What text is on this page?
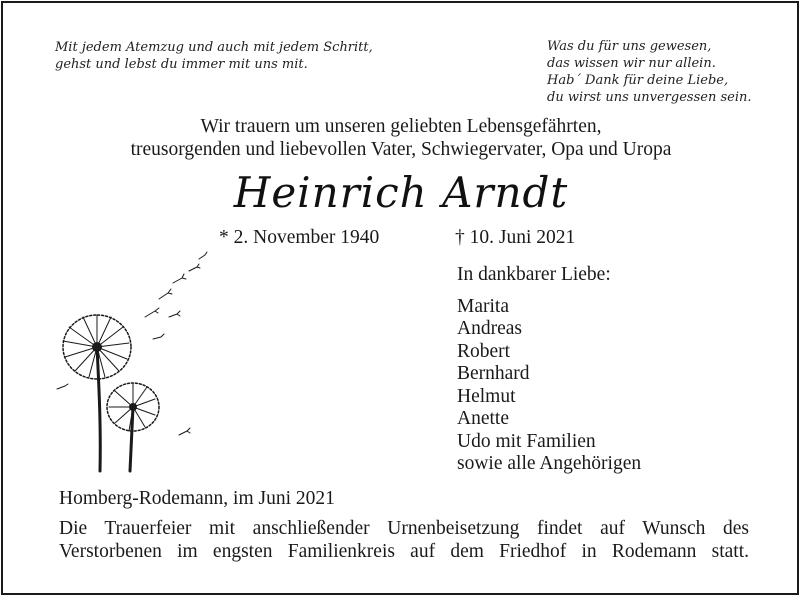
Mit jedem Atemzug und auch mit jedem Schritt,
gehst und lebst du immer mit uns mit.
Was du für uns gewesen,
das wissen wir nur allein.
Hab´ Dank für deine Liebe,
du wirst uns unvergessen sein.
Wir trauern um unseren geliebten Lebensgefährten,
treusorgenden und liebevollen Vater, Schwiegervater, Opa und Uropa
Heinrich Arndt
* 2. November 1940	† 10. Juni 2021
In dankbarer Liebe:
Marita
Andreas
Robert
Bernhard
Helmut
Anette
Udo mit Familien
sowie alle Angehörigen
Homberg-Rodemann, im Juni 2021
Die Trauerfeier mit anschließender Urnenbeisetzung findet auf Wunsch des
Verstorbenen im engsten Familienkreis auf dem Friedhof in Rodemann statt.
